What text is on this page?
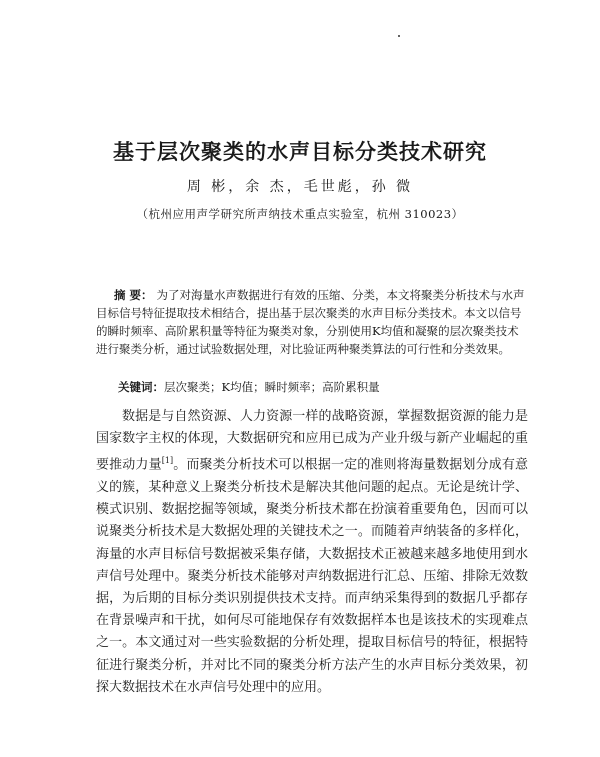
基于层次聚类的水声目标分类技术研究
周 彬，余 杰，毛世彪，孙 微
（杭州应用声学研究所声纳技术重点实验室，杭州 310023）
摘 要： 为了对海量水声数据进行有效的压缩、分类，本文将聚类分析技术与水声目标信号特征提取技术相结合，提出基于层次聚类的水声目标分类技术。本文以信号的瞬时频率、高阶累积量等特征为聚类对象，分别使用K均值和凝聚的层次聚类技术进行聚类分析，通过试验数据处理，对比验证两种聚类算法的可行性和分类效果。
关键词：层次聚类；K均值；瞬时频率；高阶累积量
数据是与自然资源、人力资源一样的战略资源，掌握数据资源的能力是国家数字主权的体现，大数据研究和应用已成为产业升级与新产业崛起的重要推动力量[1]。而聚类分析技术可以根据一定的准则将海量数据划分成有意义的簇，某种意义上聚类分析技术是解决其他问题的起点。无论是统计学、模式识别、数据挖掘等领域，聚类分析技术都在扮演着重要角色，因而可以说聚类分析技术是大数据处理的关键技术之一。而随着声纳装备的多样化，海量的水声目标信号数据被采集存储，大数据技术正被越来越多地使用到水声信号处理中。聚类分析技术能够对声纳数据进行汇总、压缩、排除无效数据，为后期的目标分类识别提供技术支持。而声纳采集得到的数据几乎都存在背景噪声和干扰，如何尽可能地保存有效数据样本也是该技术的实现难点之一。本文通过对一些实验数据的分析处理，提取目标信号的特征，根据特征进行聚类分析，并对比不同的聚类分析方法产生的水声目标分类效果，初探大数据技术在水声信号处理中的应用。
